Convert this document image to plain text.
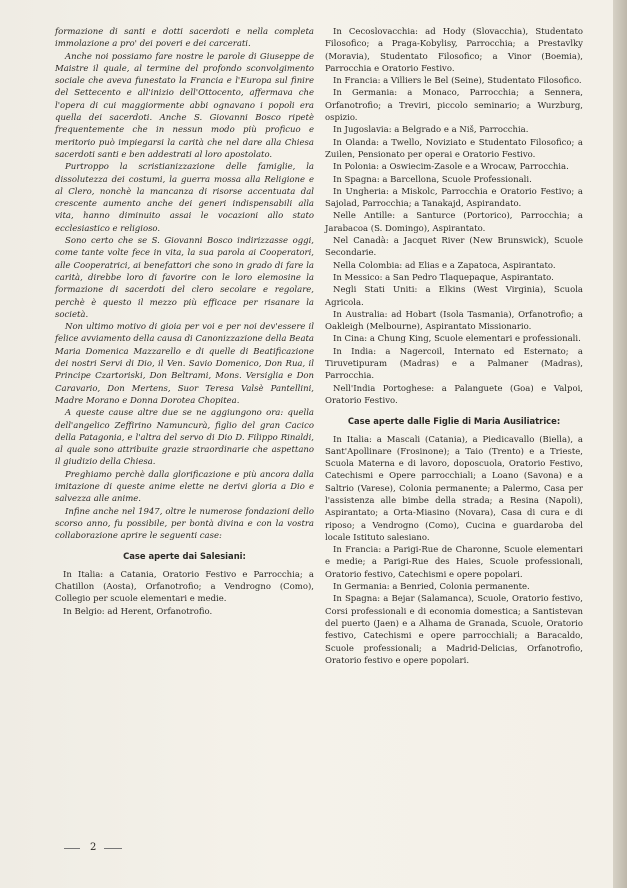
formazione di santi e dotti sacerdoti e nella completa immolazione a pro' dei poveri e dei carcerati.

Anche noi possiamo fare nostre le parole di Giuseppe de Maistre il quale, al termine del profondo sconvolgimento sociale che aveva funestato la Francia e l'Europa sul finire del Settecento e all'inizio dell'Ottocento, affermava che l'opera di cui maggiormente abbi ognavano i popoli era quella dei sacerdoti. Anche S. Giovanni Bosco ripetè frequentemente che in nessun modo più proficuo e meritorio può impiegarsi la carità che nel dare alla Chiesa sacerdoti santi e ben addestrati al loro apostolato.

Purtroppo la scristianizzazione delle famiglie, la dissolutezza dei costumi, la guerra mossa alla Religione e al Clero, nonchè la mancanza di risorse accentuata dal crescente aumento anche dei generi indispensabili alla vita, hanno diminuito assai le vocazioni allo stato ecclesiastico e religioso.

Sono certo che se S. Giovanni Bosco indirizzasse oggi, come tante volte fece in vita, la sua parola ai Cooperatori, alle Cooperatrici, ai benefattori che sono in grado di fare la carità, direbbe loro di favorire con le loro elemosine la formazione di sacerdoti del clero secolare e regolare, perchè è questo il mezzo più efficace per risanare la società.

Non ultimo motivo di gioia per voi e per noi dev'essere il felice avviamento della causa di Canonizzazione della Beata Maria Domenica Mazzarello e di quelle di Beatificazione dei nostri Servi di Dio, il Ven. Savio Domenico, Don Rua, il Principe Czartoriski, Don Beltrami, Mons. Versiglia e Don Caravario, Don Mertens, Suor Teresa Valsè Pantellini, Madre Morano e Donna Dorotea Chopitea.

A queste cause altre due se ne aggiungono ora: quella dell'angelico Zeffirino Namuncurà, figlio del gran Cacico della Patagonia, e l'altra del servo di Dio D. Filippo Rinaldi, al quale sono attribuite grazie straordinarie che aspettano il giudizio della Chiesa.

Preghiamo perchè dalla glorificazione e più ancora dalla imitazione di queste anime elette ne derivi gloria a Dio e salvezza alle anime.

Infine anche nel 1947, oltre le numerose fondazioni dello scorso anno, fu possibile, per bontà divina e con la vostra collaborazione aprire le seguenti case:

Case aperte dai Salesiani:

In Italia: a Catania, Oratorio Festivo e Parrocchia; a Chatillon (Aosta), Orfanotrofio; a Vendrogno (Como), Collegio per scuole elementari e medie.

In Belgio: ad Herent, Orfanotrofio.

In Cecoslovacchia: ad Hody (Slovacchia), Studentato Filosofico; a Praga-Kobylisy, Parrocchia; a Prestavlky (Moravia), Studentato Filosofico; a Vinor (Boemia), Parrocchia e Oratorio Festivo.

In Francia: a Villiers le Bel (Seine), Studentato Filosofico.

In Germania: a Monaco, Parrocchia; a Sennera, Orfanotrofio; a Treviri, piccolo seminario; a Wurzburg, ospizio.

In Jugoslavia: a Belgrado e a Niš, Parrocchia.

In Olanda: a Twello, Noviziato e Studentato Filosofico; a Zuilen, Pensionato per operai e Oratorio Festivo.

In Polonia: a Oswiecim-Zasole e a Wrocaw, Parrocchia.

In Spagna: a Barcellona, Scuole Professionali.

In Ungheria: a Miskolc, Parrocchia e Oratorio Festivo; a Sajolad, Parrocchia; a Tanakajd, Aspirandato.

Nelle Antille: a Santurce (Portorico), Parrocchia; a Jarabacoa (S. Domingo), Aspirantato.

Nel Canadà: a Jacquet River (New Brunswick), Scuole Secondarie.

Nella Colombia: ad Elias e a Zapatoca, Aspirantato.

In Messico: a San Pedro Tlaquepaque, Aspirantato.

Negli Stati Uniti: a Elkins (West Virginia), Scuola Agricola.

In Australia: ad Hobart (Isola Tasmania), Orfanotrofio; a Oakleigh (Melbourne), Aspirantato Missionario.

In Cina: a Chung King, Scuole elementari e professionali.

In India: a Nagercoil, Internato ed Esternato; a Tiruvetipuram (Madras) e a Palmaner (Madras), Parrocchia.

Nell'India Portoghese: a Palanguete (Goa) e Valpoi, Oratorio Festivo.

Case aperte dalle Figlie di Maria Ausiliatrice:

In Italia: a Mascali (Catania), a Piedicavallo (Biella), a Sant'Apollinare (Frosinone); a Taio (Trento) e a Trieste, Scuola Materna e di lavoro, doposcuola, Oratorio Festivo, Catechismi e Opere parrocchiali; a Loano (Savona) e a Saltrio (Varese), Colonia permanente; a Palermo, Casa per l'assistenza alle bimbe della strada; a Resina (Napoli), Aspirantato; a Orta-Miasino (Novara), Casa di cura e di riposo; a Vendrogno (Como), Cucina e guardaroba del locale Istituto salesiano.

In Francia: a Parigi-Rue de Charonne, Scuole elementari e medie; a Parigi-Rue des Haies, Scuole professionali, Oratorio festivo, Catechismi e opere popolari.

In Germania: a Benried, Colonia permanente.

In Spagna: a Bejar (Salamanca), Scuole, Oratorio festivo, Corsi professionali e di economia domestica; a Santistevan del puerto (Jaen) e a Alhama de Granada, Scuole, Oratorio festivo, Catechismi e opere parrocchiali; a Baracaldo, Scuole professionali; a Madrid-Delicias, Orfanotrofio, Oratorio festivo e opere popolari.

2
